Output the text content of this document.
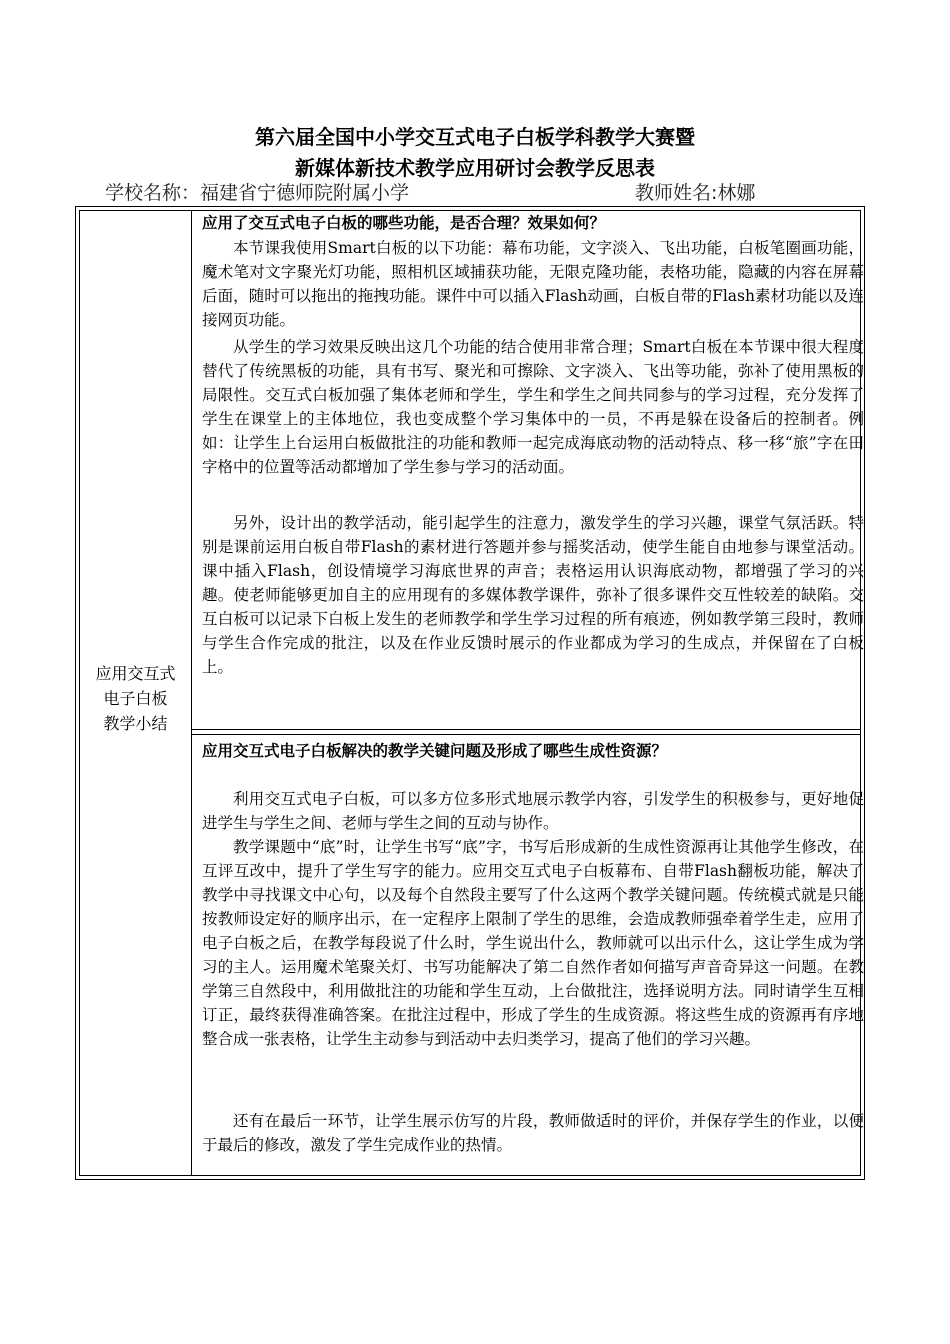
第六届全国中小学交互式电子白板学科教学大赛暨
新媒体新技术教学应用研讨会教学反思表
学校名称：福建省宁德师院附属小学	教师姓名:林娜
应用交互式
电子白板
教学小结
应用了交互式电子白板的哪些功能，是否合理？效果如何？
本节课我使用Smart白板的以下功能：幕布功能，文字淡入、飞出功能，白板笔圈画功能，魔术笔对文字聚光灯功能，照相机区域捕获功能，无限克隆功能，表格功能，隐藏的内容在屏幕后面，随时可以拖出的拖拽功能。课件中可以插入Flash动画，白板自带的Flash素材功能以及连接网页功能。
从学生的学习效果反映出这几个功能的结合使用非常合理；Smart白板在本节课中很大程度替代了传统黑板的功能，具有书写、聚光和可擦除、文字淡入、飞出等功能，弥补了使用黑板的局限性。交互式白板加强了集体老师和学生，学生和学生之间共同参与的学习过程，充分发挥了学生在课堂上的主体地位，我也变成整个学习集体中的一员，不再是躲在设备后的控制者。例如：让学生上台运用白板做批注的功能和教师一起完成海底动物的活动特点、移一移“旅”字在田字格中的位置等活动都增加了学生参与学习的活动面。
另外，设计出的教学活动，能引起学生的注意力，激发学生的学习兴趣，课堂气氛活跃。特别是课前运用白板自带Flash的素材进行答题并参与摇奖活动，使学生能自由地参与课堂活动。课中插入Flash，创设情境学习海底世界的声音；表格运用认识海底动物，都增强了学习的兴趣。使老师能够更加自主的应用现有的多媒体教学课件，弥补了很多课件交互性较差的缺陷。交互白板可以记录下白板上发生的老师教学和学生学习过程的所有痕迹，例如教学第三段时，教师与学生合作完成的批注，以及在作业反馈时展示的作业都成为学习的生成点，并保留在了白板上。
应用交互式电子白板解决的教学关键问题及形成了哪些生成性资源？
利用交互式电子白板，可以多方位多形式地展示教学内容，引发学生的积极参与，更好地促进学生与学生之间、老师与学生之间的互动与协作。
教学课题中“底”时，让学生书写“底”字，书写后形成新的生成性资源再让其他学生修改，在互评互改中，提升了学生写字的能力。应用交互式电子白板幕布、自带Flash翻板功能，解决了教学中寻找课文中心句，以及每个自然段主要写了什么这两个教学关键问题。传统模式就是只能按教师设定好的顺序出示，在一定程序上限制了学生的思维，会造成教师强牵着学生走，应用了电子白板之后，在教学每段说了什么时，学生说出什么，教师就可以出示什么，这让学生成为学习的主人。运用魔术笔聚关灯、书写功能解决了第二自然作者如何描写声音奇异这一问题。在教学第三自然段中，利用做批注的功能和学生互动，上台做批注，选择说明方法。同时请学生互相订正，最终获得准确答案。在批注过程中，形成了学生的生成资源。将这些生成的资源再有序地整合成一张表格，让学生主动参与到活动中去归类学习，提高了他们的学习兴趣。
还有在最后一环节，让学生展示仿写的片段，教师做适时的评价，并保存学生的作业，以便于最后的修改，激发了学生完成作业的热情。
